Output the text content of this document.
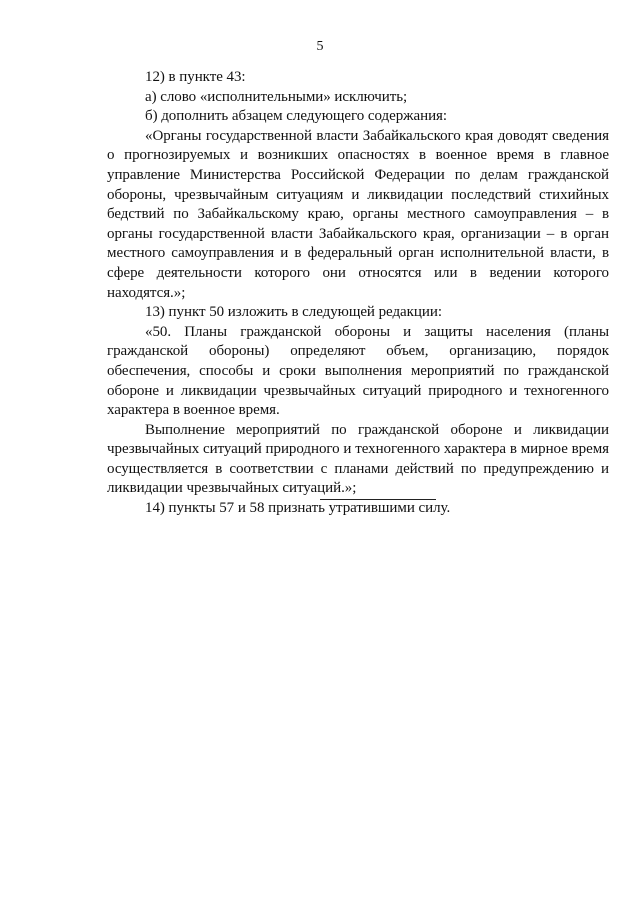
5

12) в пункте 43:

а) слово «исполнительными» исключить;

б) дополнить абзацем следующего содержания:

«Органы государственной власти Забайкальского края доводят сведения о прогнозируемых и возникших опасностях в военное время в главное управление Министерства Российской Федерации по делам гражданской обороны, чрезвычайным ситуациям и ликвидации последствий стихийных бедствий по Забайкальскому краю, органы местного самоуправления – в органы государственной власти Забайкальского края, организации – в орган местного самоуправления и в федеральный орган исполнительной власти, в сфере деятельности которого они относятся или в ведении которого находятся.»;

13) пункт 50 изложить в следующей редакции:

«50. Планы гражданской обороны и защиты населения (планы гражданской обороны) определяют объем, организацию, порядок обеспечения, способы и сроки выполнения мероприятий по гражданской обороне и ликвидации чрезвычайных ситуаций природного и техногенного характера в военное время.

Выполнение мероприятий по гражданской обороне и ликвидации чрезвычайных ситуаций природного и техногенного характера в мирное время осуществляется в соответствии с планами действий по предупреждению и ликвидации чрезвычайных ситуаций.»;

14) пункты 57 и 58 признать утратившими силу.
